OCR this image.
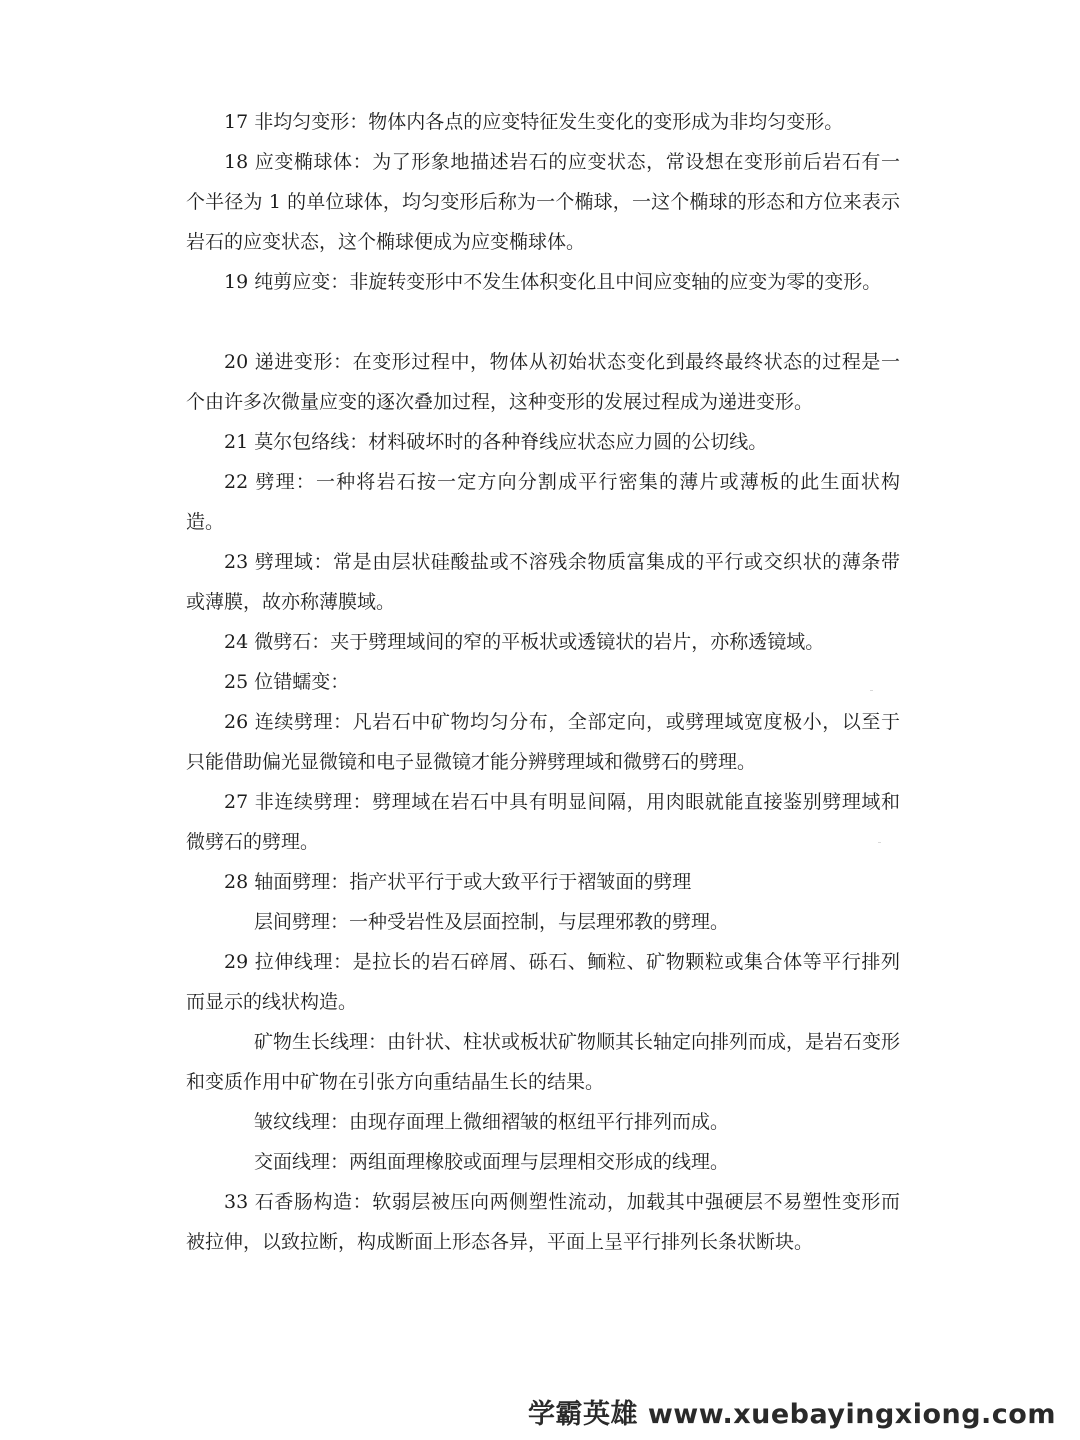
17 非均匀变形：物体内各点的应变特征发生变化的变形成为非均匀变形。

18 应变椭球体：为了形象地描述岩石的应变状态，常设想在变形前后岩石有一个半径为 1 的单位球体，均匀变形后称为一个椭球，一这个椭球的形态和方位来表示岩石的应变状态，这个椭球便成为应变椭球体。

19 纯剪应变：非旋转变形中不发生体积变化且中间应变轴的应变为零的变形。

20 递进变形：在变形过程中，物体从初始状态变化到最终最终状态的过程是一个由许多次微量应变的逐次叠加过程，这种变形的发展过程成为递进变形。

21 莫尔包络线：材料破坏时的各种脊线应状态应力圆的公切线。

22 劈理：一种将岩石按一定方向分割成平行密集的薄片或薄板的此生面状构造。

23 劈理域：常是由层状硅酸盐或不溶残余物质富集成的平行或交织状的薄条带或薄膜，故亦称薄膜域。

24 微劈石：夹于劈理域间的窄的平板状或透镜状的岩片，亦称透镜域。

25 位错蠕变：

26 连续劈理：凡岩石中矿物均匀分布，全部定向，或劈理域宽度极小，以至于只能借助偏光显微镜和电子显微镜才能分辨劈理域和微劈石的劈理。

27 非连续劈理：劈理域在岩石中具有明显间隔，用肉眼就能直接鉴别劈理域和微劈石的劈理。

28 轴面劈理：指产状平行于或大致平行于褶皱面的劈理

层间劈理：一种受岩性及层面控制，与层理邪教的劈理。

29 拉伸线理：是拉长的岩石碎屑、砾石、鲕粒、矿物颗粒或集合体等平行排列而显示的线状构造。

矿物生长线理：由针状、柱状或板状矿物顺其长轴定向排列而成，是岩石变形和变质作用中矿物在引张方向重结晶生长的结果。

皱纹线理：由现存面理上微细褶皱的枢纽平行排列而成。

交面线理：两组面理橡胶或面理与层理相交形成的线理。

33 石香肠构造：软弱层被压向两侧塑性流动，加载其中强硬层不易塑性变形而被拉伸，以致拉断，构成断面上形态各异，平面上呈平行排列长条状断块。

学霸英雄 www.xuebayingxiong.com
